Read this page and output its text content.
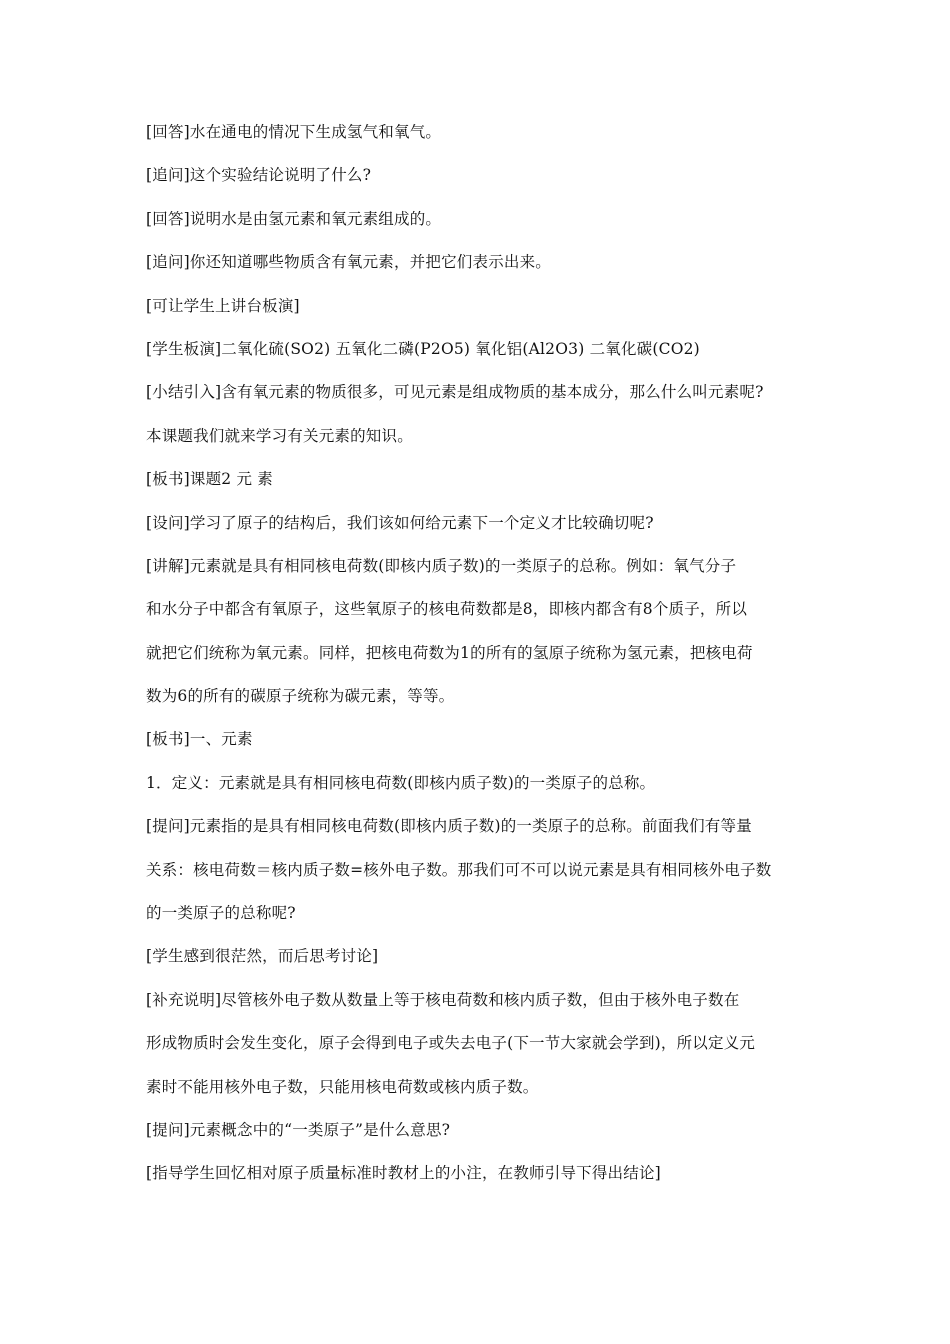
[回答]水在通电的情况下生成氢气和氧气。
[追问]这个实验结论说明了什么?
[回答]说明水是由氢元素和氧元素组成的。
[追问]你还知道哪些物质含有氧元素，并把它们表示出来。
[可让学生上讲台板演]
[学生板演]二氧化硫(SO2) 五氧化二磷(P2O5) 氧化铝(Al2O3) 二氧化碳(CO2)
[小结引入]含有氧元素的物质很多，可见元素是组成物质的基本成分，那么什么叫元素呢?
本课题我们就来学习有关元素的知识。
[板书]课题2 元 素
[设问]学习了原子的结构后，我们该如何给元素下一个定义才比较确切呢?
[讲解]元素就是具有相同核电荷数(即核内质子数)的一类原子的总称。例如：氧气分子
和水分子中都含有氧原子，这些氧原子的核电荷数都是8，即核内都含有8个质子，所以
就把它们统称为氧元素。同样，把核电荷数为1的所有的氢原子统称为氢元素，把核电荷
数为6的所有的碳原子统称为碳元素，等等。
[板书]一、元素
1．定义：元素就是具有相同核电荷数(即核内质子数)的一类原子的总称。
[提问]元素指的是具有相同核电荷数(即核内质子数)的一类原子的总称。前面我们有等量
关系：核电荷数＝核内质子数=核外电子数。那我们可不可以说元素是具有相同核外电子数
的一类原子的总称呢?
[学生感到很茫然，而后思考讨论]
[补充说明]尽管核外电子数从数量上等于核电荷数和核内质子数，但由于核外电子数在
形成物质时会发生变化，原子会得到电子或失去电子(下一节大家就会学到)，所以定义元
素时不能用核外电子数，只能用核电荷数或核内质子数。
[提问]元素概念中的“一类原子”是什么意思?
[指导学生回忆相对原子质量标准时教材上的小注，在教师引导下得出结论]
